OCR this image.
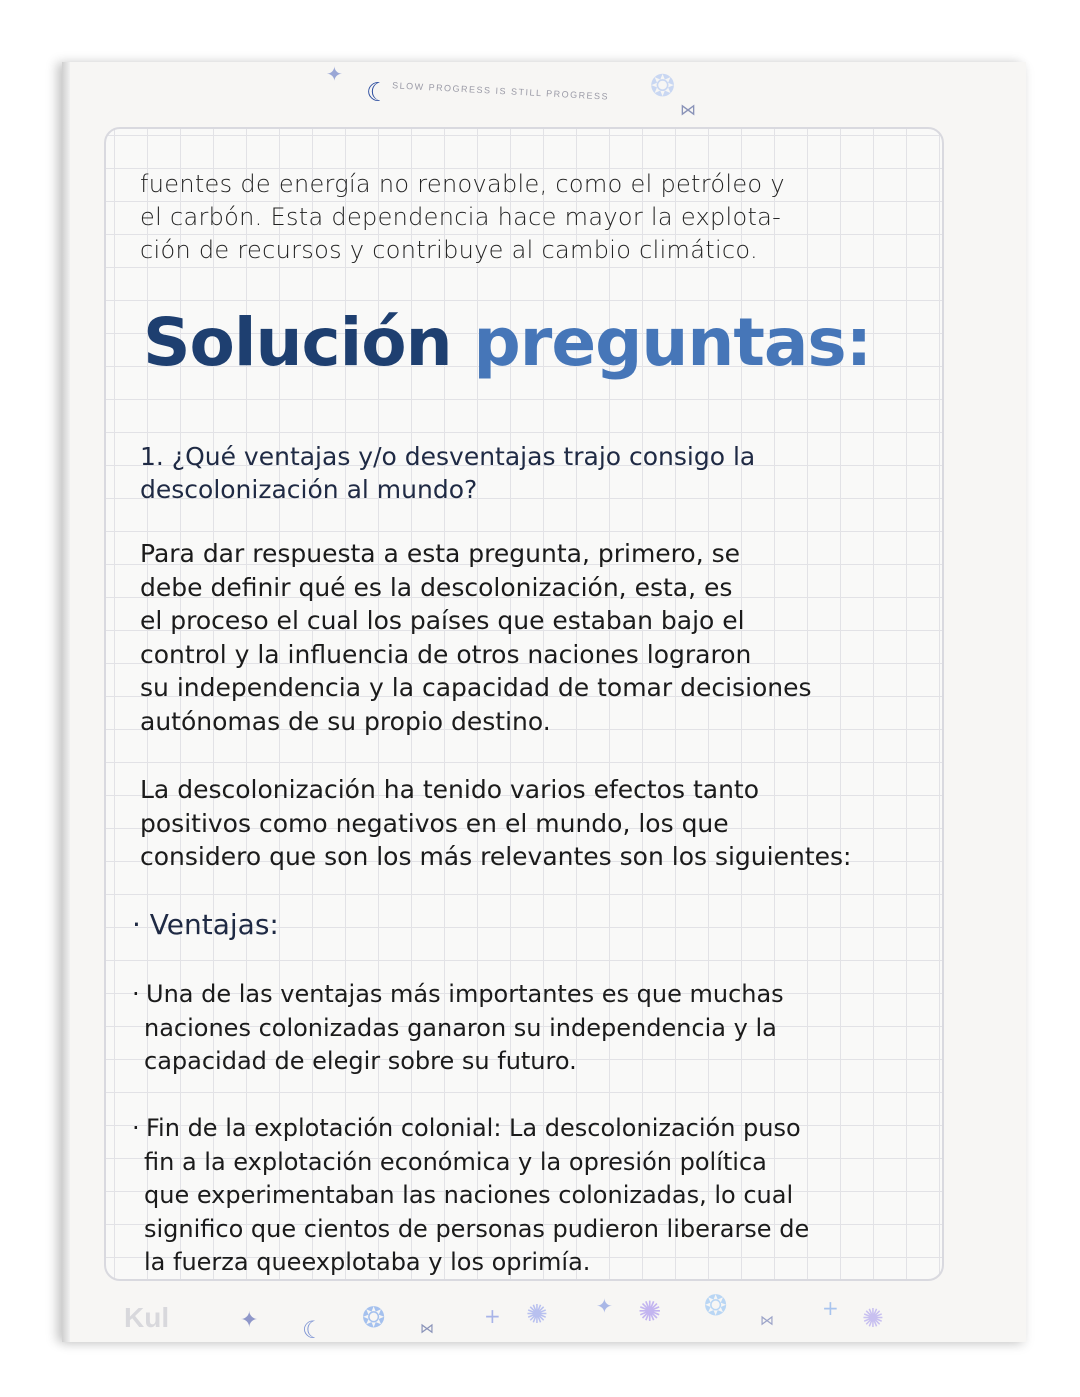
✦
☾ SLOW PROGRESS IS STILL PROGRESS ❂
⋈
fuentes de energía no renovable, como el petróleo y
el carbón. Esta dependencia hace mayor la explota-
ción de recursos y contribuye al cambio climático.
Solución preguntas:
1. ¿Qué ventajas y/o desventajas trajo consigo la
descolonización al mundo?
Para dar respuesta a esta pregunta, primero, se
debe definir qué es la descolonización, esta, es
el proceso el cual los países que estaban bajo el
control y la influencia de otros naciones lograron
su independencia y la capacidad de tomar decisiones
autónomas de su propio destino.
La descolonización ha tenido varios efectos tanto
positivos como negativos en el mundo, los que
considero que son los más relevantes son los siguientes:
· Ventajas:
· Una de las ventajas más importantes es que muchas
naciones colonizadas ganaron su independencia y la
capacidad de elegir sobre su futuro.
· Fin de la explotación colonial: La descolonización puso
fin a la explotación económica y la opresión política
que experimentaban las naciones colonizadas, lo cual
significo que cientos de personas pudieron liberarse de
la fuerza queexplotaba y los oprimía.
Kul	✦ ☾ ❂ ⋈
+ ✺ ✦ ✺ ❂ ⋈
+ ✺
